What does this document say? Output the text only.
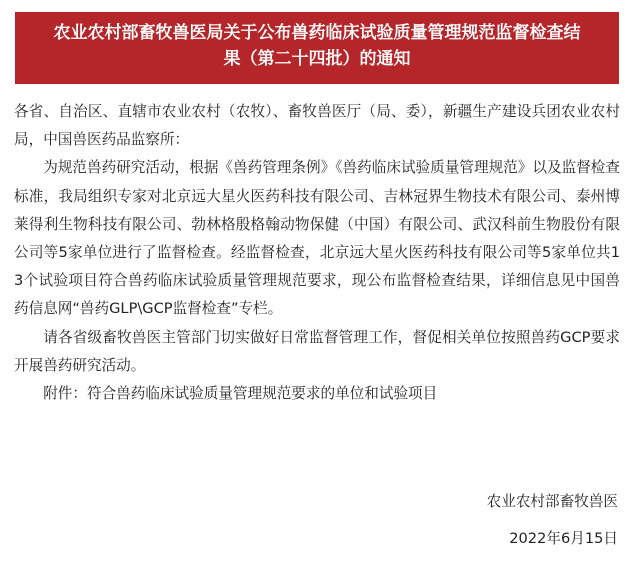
农业农村部畜牧兽医局关于公布兽药临床试验质量管理规范监督检查结
果（第二十四批）的通知

各省、自治区、直辖市农业农村（农牧）、畜牧兽医厅（局、委），新疆生产建设兵团农业农村局，中国兽医药品监察所：

为规范兽药研究活动，根据《兽药管理条例》《兽药临床试验质量管理规范》以及监督检查标准，我局组织专家对北京远大星火医药科技有限公司、吉林冠界生物技术有限公司、泰州博莱得利生物科技有限公司、勃林格殷格翰动物保健（中国）有限公司、武汉科前生物股份有限公司等5家单位进行了监督检查。经监督检查，北京远大星火医药科技有限公司等5家单位共13个试验项目符合兽药临床试验质量管理规范要求，现公布监督检查结果，详细信息见中国兽药信息网“兽药GLP\GCP监督检查”专栏。

请各省级畜牧兽医主管部门切实做好日常监督管理工作，督促相关单位按照兽药GCP要求开展兽药研究活动。

附件：符合兽药临床试验质量管理规范要求的单位和试验项目

农业农村部畜牧兽医
2022年6月15日
